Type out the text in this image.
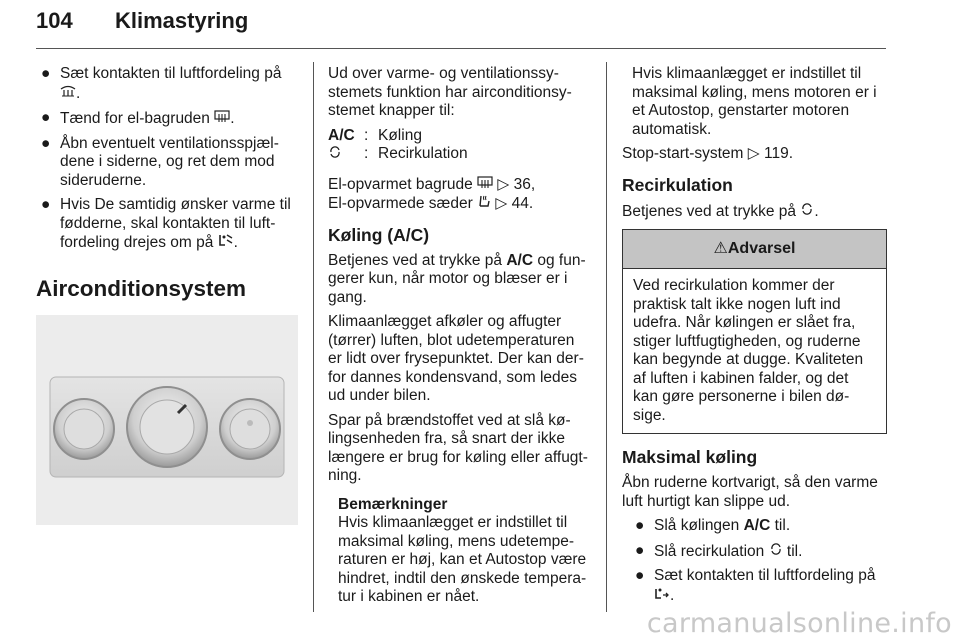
104 Klimastyring
● Sæt kontakten til luftfordeling på .
● Tænd for el-bagruden .
● Åbn eventuelt ventilationsspjældene i siderne, og ret dem mod sideruderne.
● Hvis De samtidig ønsker varme til fødderne, skal kontakten til luftfordeling drejes om på .
Airconditionsystem

Ud over varme- og ventilationssystemets funktion har airconditionsystemet knapper til:

A/C : Køling
: Recirkulation

El-opvarmet bagrude  ▷ 36,

El-opvarmede sæder  ▷ 44.

Køling (A/C)

Betjenes ved at trykke på A/C og fungerer kun, når motor og blæser er i gang.

Klimaanlægget afkøler og affugter (tørrer) luften, blot udetemperaturen er lidt over frysepunktet. Der kan derfor dannes kondensvand, som ledes ud under bilen.

Spar på brændstoffet ved at slå kølingsenheden fra, så snart der ikke længere er brug for køling eller affugtning.

Bemærkninger
Hvis klimaanlægget er indstillet til maksimal køling, mens udetemperaturen er høj, kan et Autostop være hindret, indtil den ønskede temperatur i kabinen er nået.

Hvis klimaanlægget er indstillet til maksimal køling, mens motoren er i et Autostop, genstarter motoren automatisk.

Stop-start-system ▷ 119.

Recirkulation

Betjenes ved at trykke på .

⚠Advarsel
Ved recirkulation kommer der praktisk talt ikke nogen luft ind udefra. Når kølingen er slået fra, stiger luftfugtigheden, og ruderne kan begynde at dugge. Kvaliteten af luften i kabinen falder, og det kan gøre personerne i bilen døsige.
Maksimal køling

Åbn ruderne kortvarigt, så den varme luft hurtigt kan slippe ud.

● Slå kølingen A/C til.
● Slå recirkulation  til.
● Sæt kontakten til luftfordeling på .
carmanualsonline.info
